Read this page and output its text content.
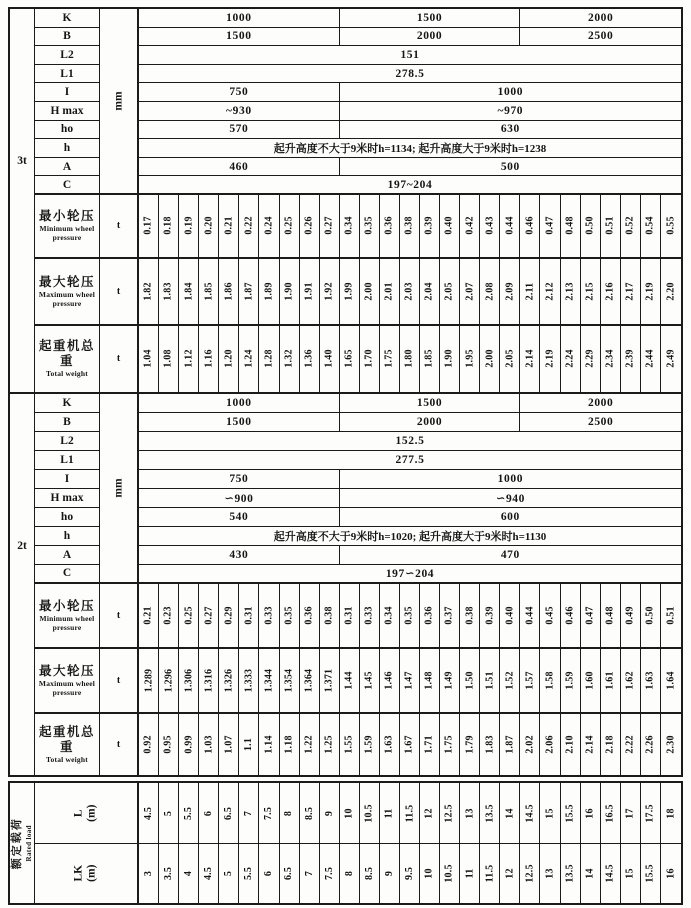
3t
mm
K	1000	1500	2000
B	1500	2000	2500
L2	151
L1	278.5
I	750	1000
H max	~930	~970
ho	570	630
h	起升高度不大于9米时h=1134; 起升高度大于9米时h=1238
A	460	500
C	197~204
最小轮压
Minimum wheel pressure
t 0.17 0.18 0.19 0.20 0.21 0.22 0.24 0.25 0.26 0.27 0.34 0.35 0.36 0.38 0.39 0.40 0.42 0.43 0.44 0.46 0.47 0.48 0.50 0.51 0.52 0.54 0.55
最大轮压
Maximum wheel pressure
t 1.82 1.83 1.84 1.85 1.86 1.87 1.89 1.90 1.91 1.92 1.99 2.00 2.01 2.03 2.04 2.05 2.07 2.08 2.09 2.11 2.12 2.13 2.15 2.16 2.17 2.19 2.20
起重机总重
Total weight
t 1.04 1.08 1.12 1.16 1.20 1.24 1.28 1.32 1.36 1.40 1.65 1.70 1.75 1.80 1.85 1.90 1.95 2.00 2.05 2.14 2.19 2.24 2.29 2.34 2.39 2.44 2.49
2t
mm
K	1000	1500	2000
B	1500	2000	2500
L2	152.5
L1	277.5
I	750	1000
H max	∽900	∽940
ho	540	600
h	起升高度不大于9米时h=1020; 起升高度大于9米时h=1130
A	430	470
C	197∽204
最小轮压
Minimum wheel pressure
t 0.21 0.23 0.25 0.27 0.29 0.31 0.33 0.35 0.36 0.38 0.31 0.33 0.34 0.35 0.36 0.37 0.38 0.39 0.40 0.44 0.45 0.46 0.47 0.48 0.49 0.50 0.51
最大轮压
Maximum wheel pressure
t 1.289 1.296 1.306 1.316 1.326 1.333 1.344 1.354 1.364 1.371 1.44 1.45 1.46 1.47 1.48 1.49 1.50 1.51 1.52 1.57 1.58 1.59 1.60 1.61 1.62 1.63 1.64
起重机总重
Total weight
t 0.92 0.95 0.99 1.03 1.07 1.1 1.14 1.18 1.22 1.25 1.55 1.59 1.63 1.67 1.71 1.75 1.79 1.83 1.87 2.02 2.06 2.10 2.14 2.18 2.22 2.26 2.30
额定载荷 Rated load
L (m)	4.5 5 5.5 6 6.5 7 7.5 8 8.5 9 10 10.5 11 11.5 12 12.5 13 13.5 14 14.5 15 15.5 16 16.5 17 17.5 18
LK (m)	3 3.5 4 4.5 5 5.5 6 6.5 7 7.5 8 8.5 9 9.5 10 10.5 11 11.5 12 12.5 13 13.5 14 14.5 15 15.5 16
